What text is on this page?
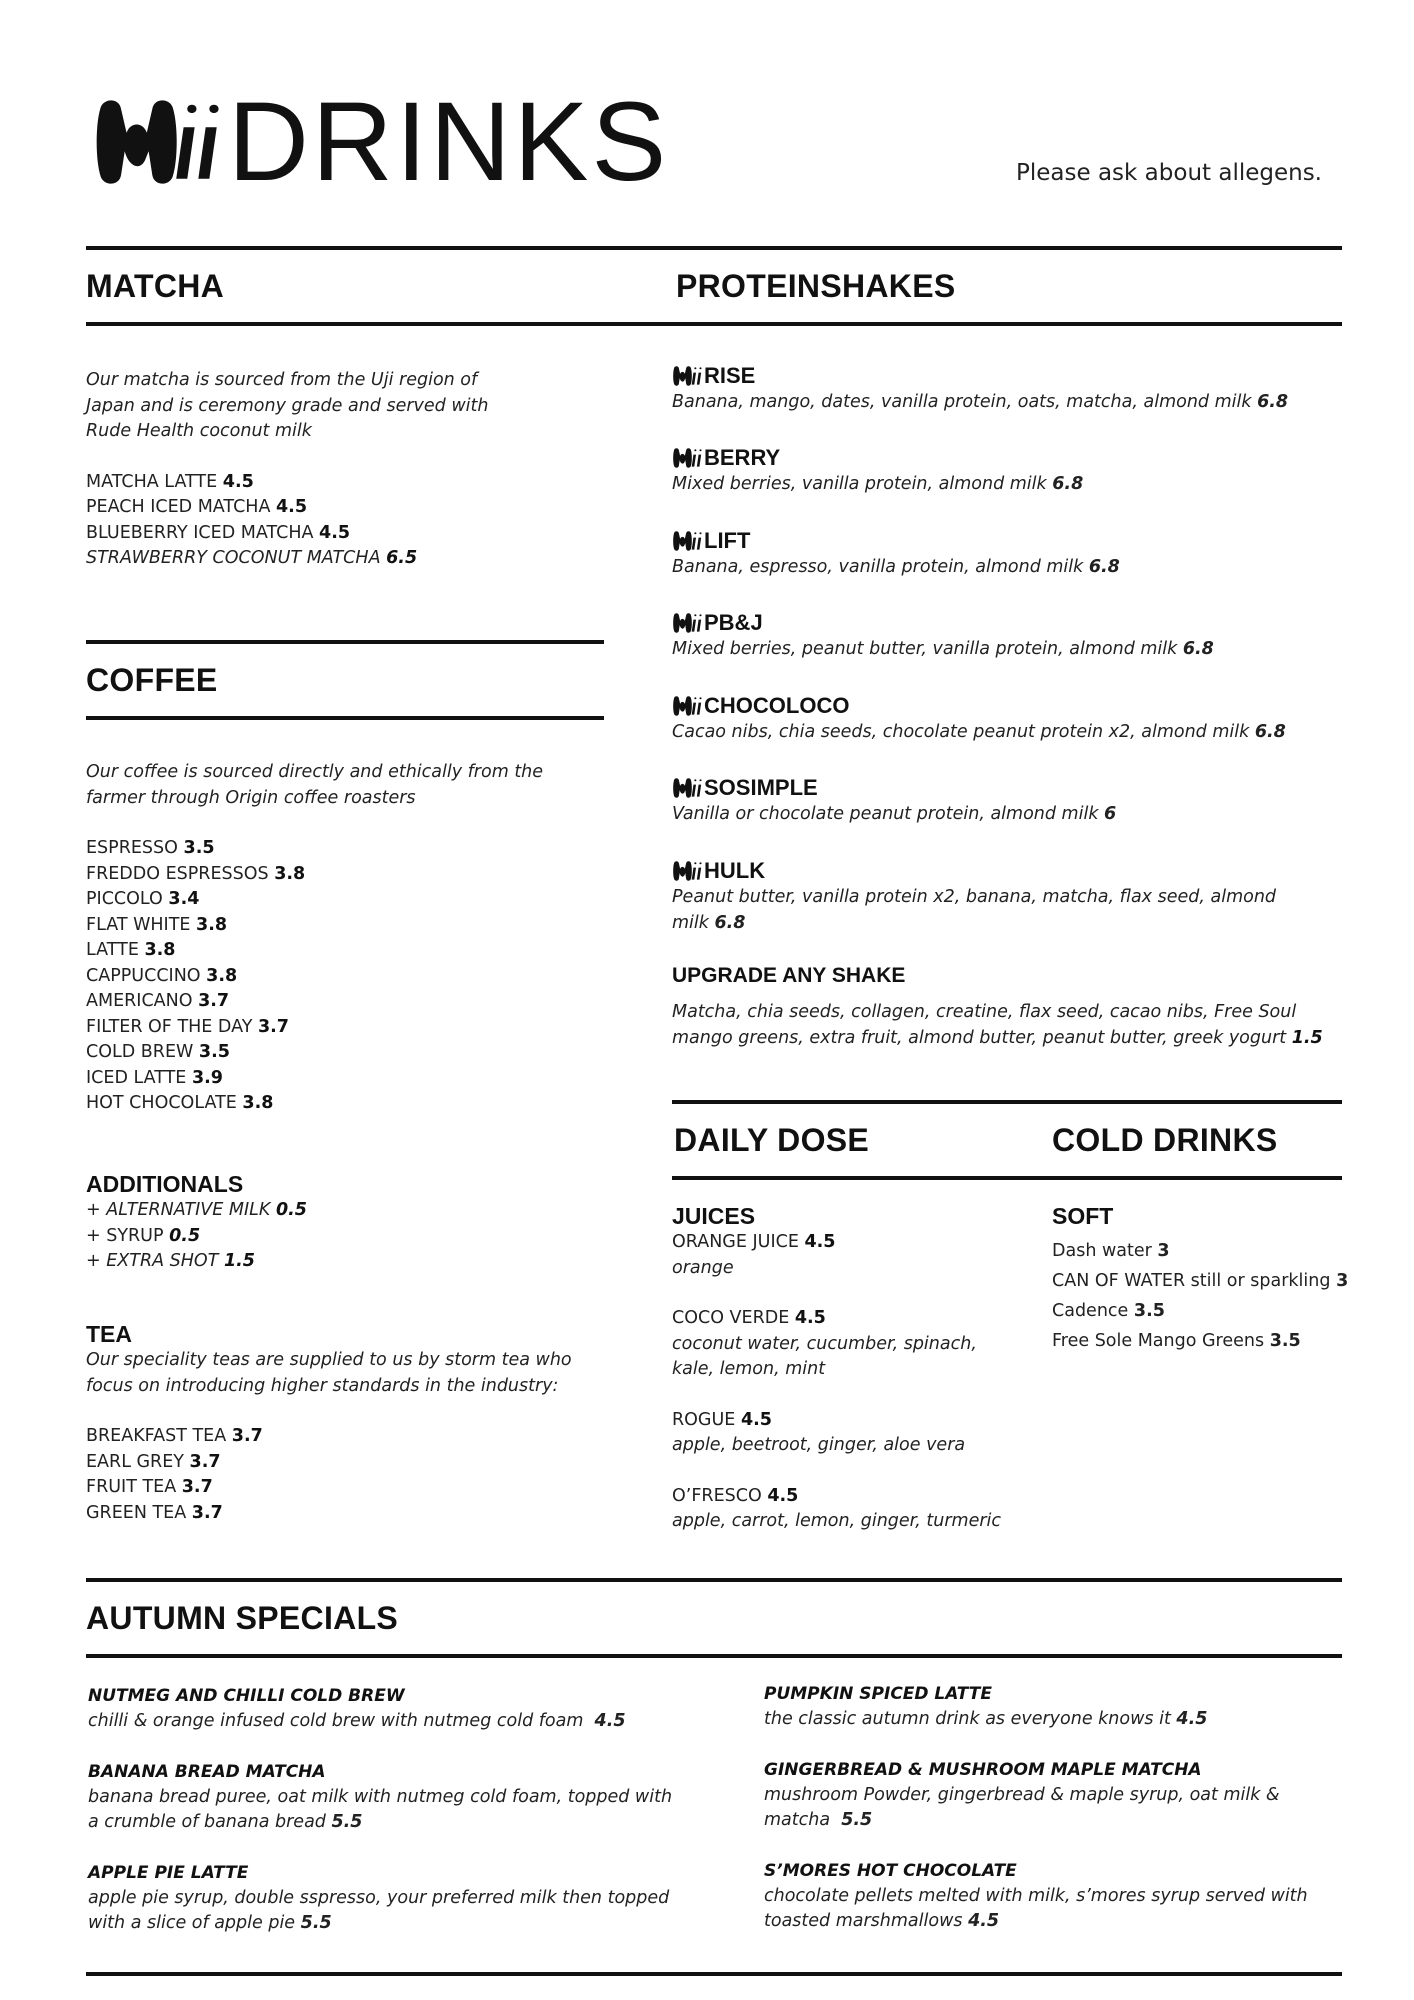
DRINKS	Please ask about allegens.
MATCHA	PROTEINSHAKES
Our matcha is sourced from the Uji region of
Japan and is ceremony grade and served with
Rude Health coconut milk
MATCHA LATTE 4.5
PEACH ICED MATCHA 4.5
BLUEBERRY ICED MATCHA 4.5
STRAWBERRY COCONUT MATCHA 6.5
COFFEE
Our coffee is sourced directly and ethically from the
farmer through Origin coffee roasters
ESPRESSO 3.5
FREDDO ESPRESSOS 3.8
PICCOLO 3.4
FLAT WHITE 3.8
LATTE 3.8
CAPPUCCINO 3.8
AMERICANO 3.7
FILTER OF THE DAY 3.7
COLD BREW 3.5
ICED LATTE 3.9
HOT CHOCOLATE 3.8
ADDITIONALS
+ ALTERNATIVE MILK 0.5
+ SYRUP 0.5
+ EXTRA SHOT 1.5
TEA
Our speciality teas are supplied to us by storm tea who
focus on introducing higher standards in the industry:
BREAKFAST TEA 3.7
EARL GREY 3.7
FRUIT TEA 3.7
GREEN TEA 3.7
RISE
Banana, mango, dates, vanilla protein, oats, matcha, almond milk 6.8
BERRY
Mixed berries, vanilla protein, almond milk 6.8
LIFT
Banana, espresso, vanilla protein, almond milk 6.8
PB&J
Mixed berries, peanut butter, vanilla protein, almond milk 6.8
CHOCOLOCO
Cacao nibs, chia seeds, chocolate peanut protein x2, almond milk 6.8
SOSIMPLE
Vanilla or chocolate peanut protein, almond milk 6
HULK
Peanut butter, vanilla protein x2, banana, matcha, flax seed, almond
milk 6.8
UPGRADE ANY SHAKE
Matcha, chia seeds, collagen, creatine, flax seed, cacao nibs, Free Soul
mango greens, extra fruit, almond butter, peanut butter, greek yogurt 1.5
DAILY DOSE	COLD DRINKS
JUICES
ORANGE JUICE 4.5
orange
COCO VERDE 4.5
coconut water, cucumber, spinach,
kale, lemon, mint
ROGUE 4.5
apple, beetroot, ginger, aloe vera
O’FRESCO 4.5
apple, carrot, lemon, ginger, turmeric
SOFT
Dash water 3
CAN OF WATER still or sparkling 3
Cadence 3.5
Free Sole Mango Greens 3.5
AUTUMN SPECIALS
NUTMEG AND CHILLI COLD BREW
chilli & orange infused cold brew with nutmeg cold foam 4.5
BANANA BREAD MATCHA
banana bread puree, oat milk with nutmeg cold foam, topped with
a crumble of banana bread 5.5
APPLE PIE LATTE
apple pie syrup, double sspresso, your preferred milk then topped
with a slice of apple pie 5.5
PUMPKIN SPICED LATTE
the classic autumn drink as everyone knows it 4.5
GINGERBREAD & MUSHROOM MAPLE MATCHA
mushroom Powder, gingerbread & maple syrup, oat milk &
matcha 5.5
S’MORES HOT CHOCOLATE
chocolate pellets melted with milk, s’mores syrup served with
toasted marshmallows 4.5
